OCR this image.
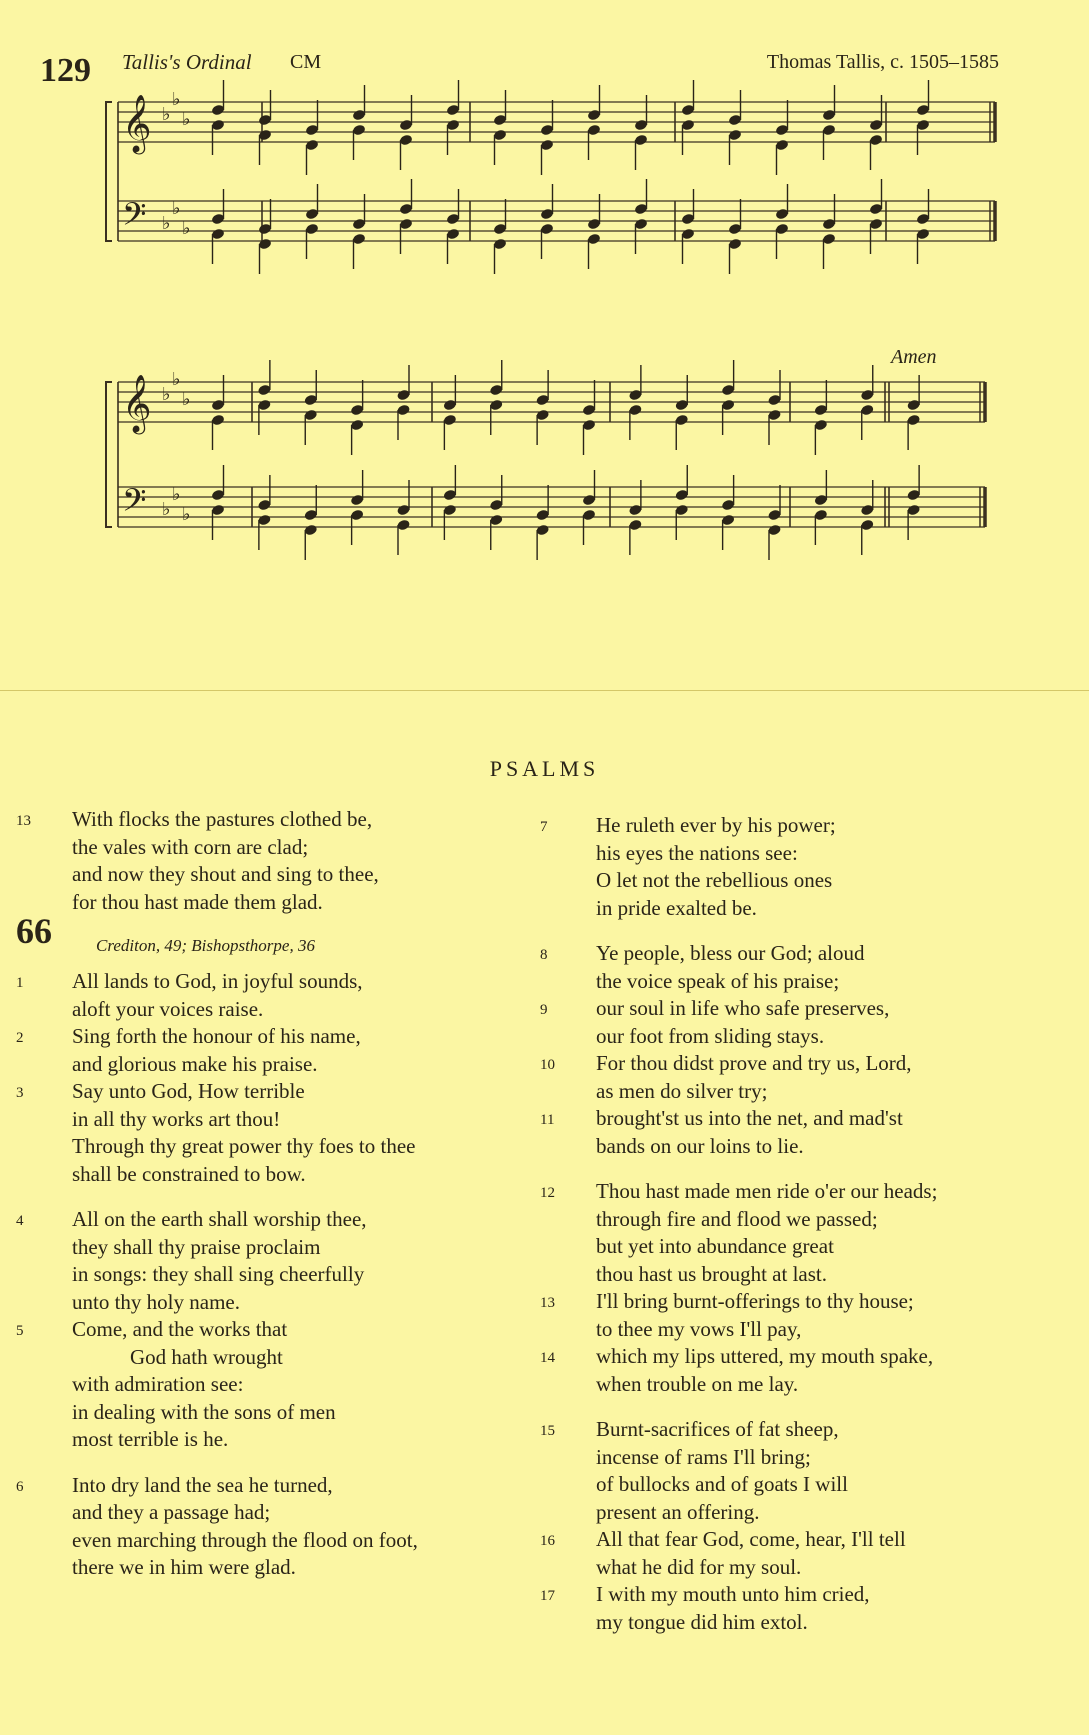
129 Tallis's Ordinal CM	Thomas Tallis, c. 1505–1585
Amen
𝄞 ♭
♭
♭
𝄢 ♭
♭
♭
𝄞 ♭
♭
♭
𝄢 ♭
♭
♭
PSALMS
13	With flocks the pastures clothed be,
the vales with corn are clad;
and now they shout and sing to thee,
for thou hast made them glad.
66	Crediton, 49; Bishopsthorpe, 36
1	All lands to God, in joyful sounds,
aloft your voices raise.
2	Sing forth the honour of his name,
and glorious make his praise.
3	Say unto God, How terrible
in all thy works art thou!
Through thy great power thy foes to thee
shall be constrained to bow.
4	All on the earth shall worship thee,
they shall thy praise proclaim
in songs: they shall sing cheerfully
unto thy holy name.
5	Come, and the works that
God hath wrought
with admiration see:
in dealing with the sons of men
most terrible is he.
6	Into dry land the sea he turned,
and they a passage had;
even marching through the flood on foot,
there we in him were glad.
7	He ruleth ever by his power;
his eyes the nations see:
O let not the rebellious ones
in pride exalted be.
8	Ye people, bless our God; aloud
the voice speak of his praise;
9	our soul in life who safe preserves,
our foot from sliding stays.
10	For thou didst prove and try us, Lord,
as men do silver try;
11	brought'st us into the net, and mad'st
bands on our loins to lie.
12	Thou hast made men ride o'er our heads;
through fire and flood we passed;
but yet into abundance great
thou hast us brought at last.
13	I'll bring burnt-offerings to thy house;
to thee my vows I'll pay,
14	which my lips uttered, my mouth spake,
when trouble on me lay.
15	Burnt-sacrifices of fat sheep,
incense of rams I'll bring;
of bullocks and of goats I will
present an offering.
16	All that fear God, come, hear, I'll tell
what he did for my soul.
17	I with my mouth unto him cried,
my tongue did him extol.
